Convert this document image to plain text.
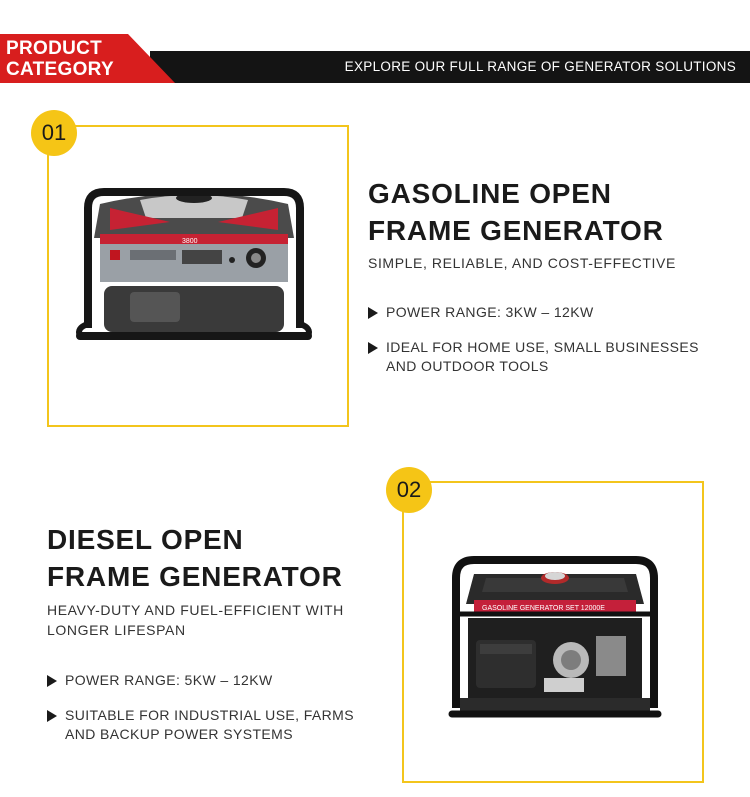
PRODUCT
CATEGORY	EXPLORE OUR FULL RANGE OF GENERATOR SOLUTIONS
01
3800
GASOLINE OPEN
FRAME GENERATOR
SIMPLE, RELIABLE, AND COST-EFFECTIVE
POWER RANGE: 3KW – 12KW
IDEAL FOR HOME USE, SMALL BUSINESSES
AND OUTDOOR TOOLS
02
GASOLINE GENERATOR SET 12000E
DIESEL OPEN
FRAME GENERATOR
HEAVY-DUTY AND FUEL-EFFICIENT WITH
LONGER LIFESPAN
POWER RANGE: 5KW – 12KW
SUITABLE FOR INDUSTRIAL USE, FARMS
AND BACKUP POWER SYSTEMS
